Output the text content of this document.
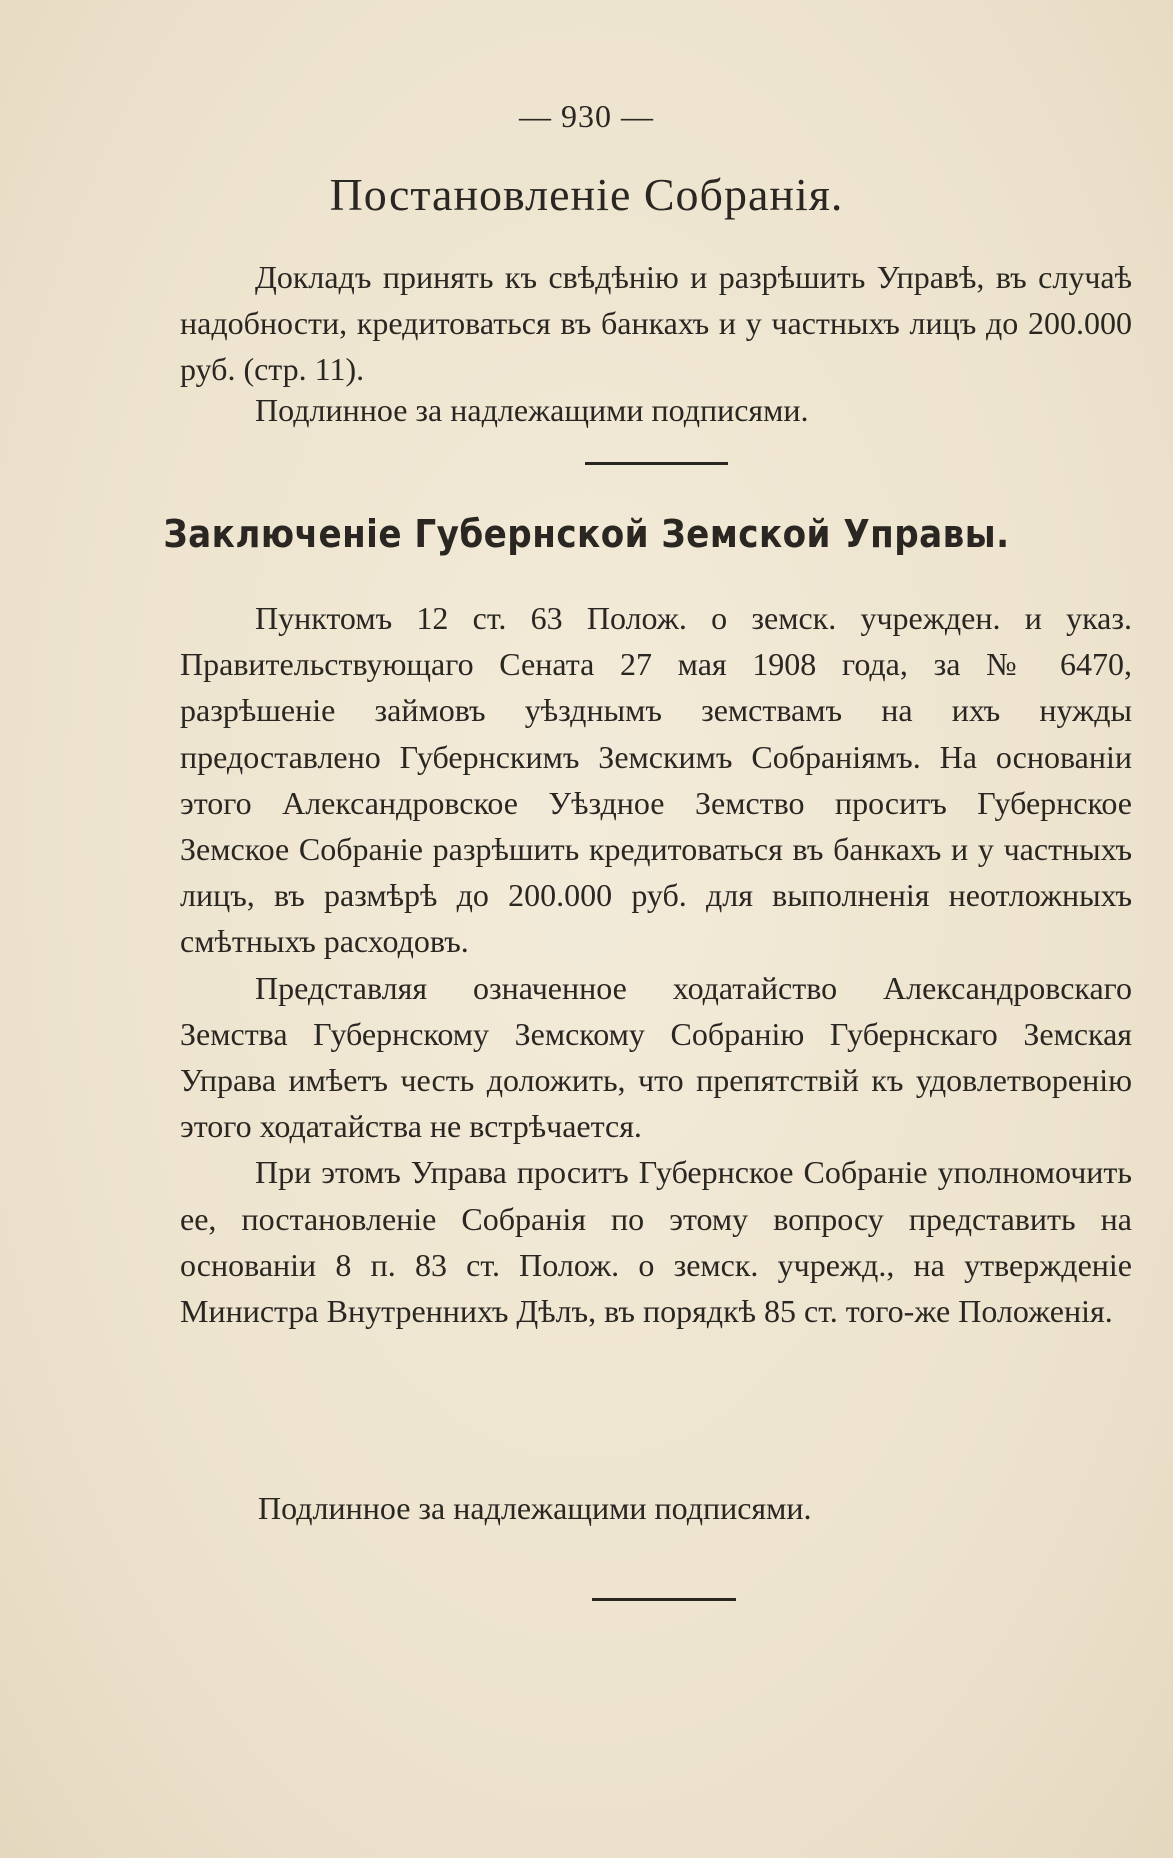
— 930 —
Постановленіе Собранія.

Докладъ принять къ свѣдѣнію и разрѣшить Управѣ, въ случаѣ надобности, кредитоваться въ банкахъ и у частныхъ лицъ до 200.000 руб. (стр. 11).

Подлинное за надлежащими подписями.
Заключеніе Губернской Земской Управы.

Пунктомъ 12 ст. 63 Полож. о земск. учрежден. и указ. Правительствующаго Сената 27 мая 1908 года, за № 6470, разрѣшеніе займовъ уѣзднымъ земствамъ на ихъ нужды предоставлено Губернскимъ Земскимъ Собраніямъ. На основаніи этого Александровское Уѣздное Земство проситъ Губернское Земское Собраніе разрѣшить кредитоваться въ банкахъ и у частныхъ лицъ, въ размѣрѣ до 200.000 руб. для выполненія неотложныхъ смѣтныхъ расходовъ.

Представляя означенное ходатайство Александровскаго Земства Губернскому Земскому Собранію Губернскаго Земская Управа имѣетъ честь доложить, что препятствій къ удовлетворенію этого ходатайства не встрѣчается.

При этомъ Управа проситъ Губернское Собраніе уполномочить ее, постановленіе Собранія по этому вопросу представить на основаніи 8 п. 83 ст. Полож. о земск. учрежд., на утвержденіе Министра Внутреннихъ Дѣлъ, въ порядкѣ 85 ст. того-же Положенія.

Подлинное за надлежащими подписями.
